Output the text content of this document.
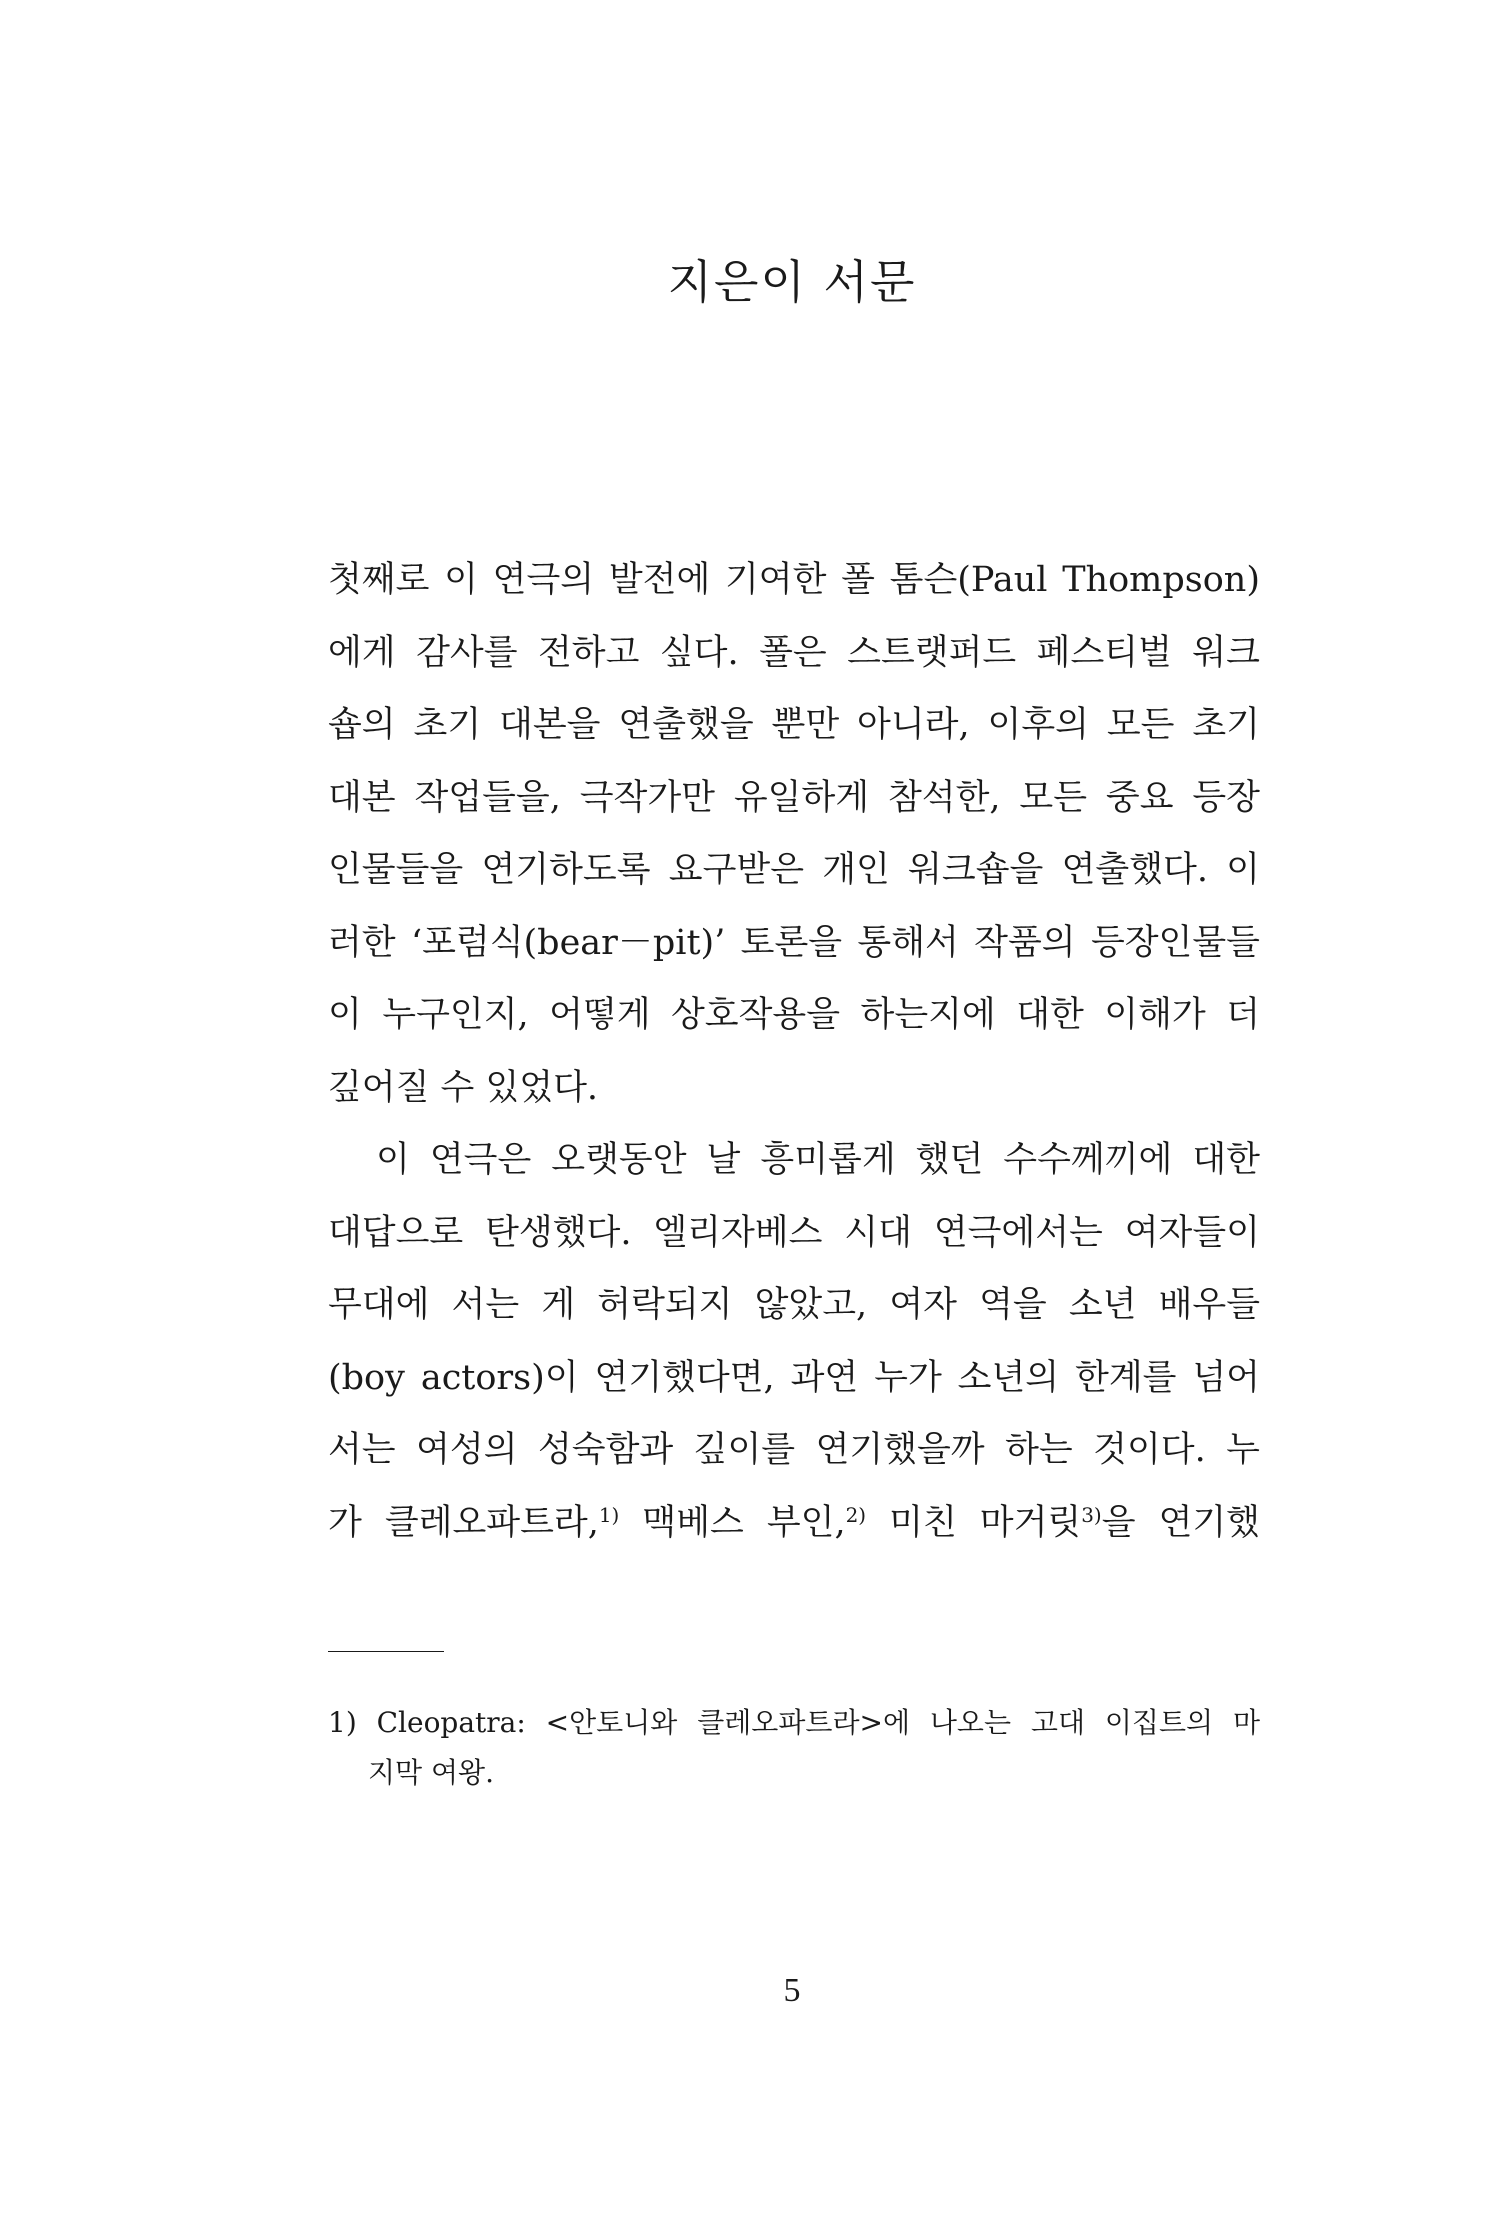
지은이 서문
첫째로 이 연극의 발전에 기여한 폴 톰슨(Paul Thompson)
에게 감사를 전하고 싶다. 폴은 스트랫퍼드 페스티벌 워크
숍의 초기 대본을 연출했을 뿐만 아니라, 이후의 모든 초기
대본 작업들을, 극작가만 유일하게 참석한, 모든 중요 등장
인물들을 연기하도록 요구받은 개인 워크숍을 연출했다. 이
러한 ‘포럼식(bear－pit)’ 토론을 통해서 작품의 등장인물들
이 누구인지, 어떻게 상호작용을 하는지에 대한 이해가 더
깊어질 수 있었다.
이 연극은 오랫동안 날 흥미롭게 했던 수수께끼에 대한
대답으로 탄생했다. 엘리자베스 시대 연극에서는 여자들이
무대에 서는 게 허락되지 않았고, 여자 역을 소년 배우들
(boy actors)이 연기했다면, 과연 누가 소년의 한계를 넘어
서는 여성의 성숙함과 깊이를 연기했을까 하는 것이다. 누
가 클레오파트라,$^{1)}$ 맥베스 부인,$^{2)}$ 미친 마거릿$^{3)}$을 연기했
1) Cleopatra: <안토니와 클레오파트라>에 나오는 고대 이집트의 마
지막 여왕.
5
